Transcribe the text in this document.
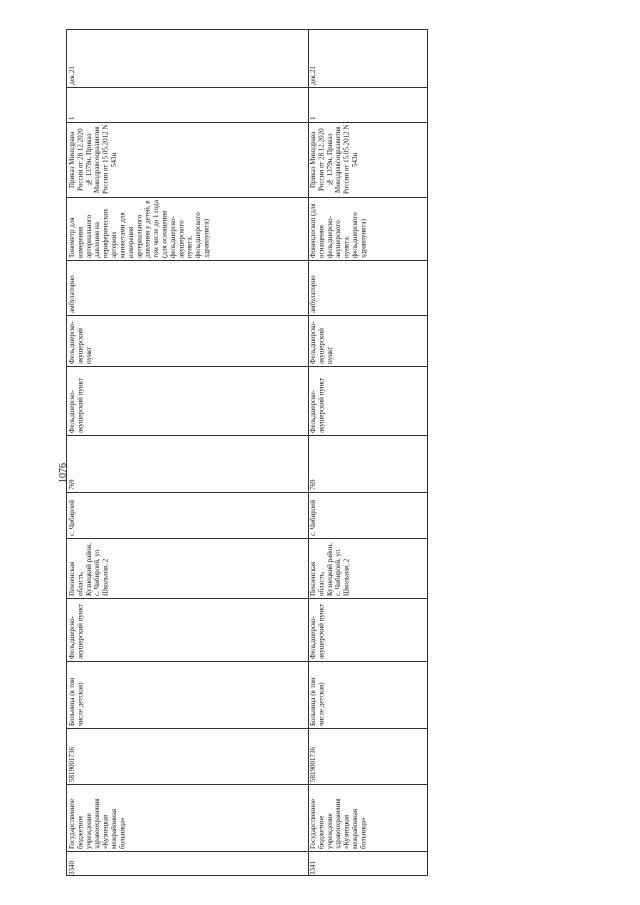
1076
дек.21
1
Приказ Минздрава России от 28.12.2020 № 1379н, Приказ Минздравсоцразвития России от 15.05.2012 N 543н
Тонометр для измерения артериального давления на периферических артериях манжетами для измерения артериального давления у детей, в том числе до 1 года (для оснащения фельдшерско-акушерского пункта, фельдшерского здравпункта)
амбулаторно
Фельдшерско-акушерский пункт
Фельдшерско-акушерский пункт
769
с. Чибирлей
Пензенская область, Кузнецкий район, с. Чибирлей, ул. Школьная, 2
Фельдшерско-акушерский пункт
Больница (в том числе детская)
5819001736
Государственное бюджетное учреждение здравоохранения «Кузнецкая межрайонная больница»
3340
дек.21
1
Приказ Минздрава России от 28.12.2020 № 1379н, Приказ Минздравсоцразвития России от 15.05.2012 N 543н
Фонендоскоп (для оснащения фельдшерско-акушерского пункта, фельдшерского здравпункта)
амбулаторно
Фельдшерско-акушерский пункт
Фельдшерско-акушерский пункт
769
с. Чибирлей
Пензенская область, Кузнецкий район, с. Чибирлей, ул. Школьная, 2
Фельдшерско-акушерский пункт
Больница (в том числе детская)
5819001736
Государственное бюджетное учреждение здравоохранения «Кузнецкая межрайонная больница»
3341
